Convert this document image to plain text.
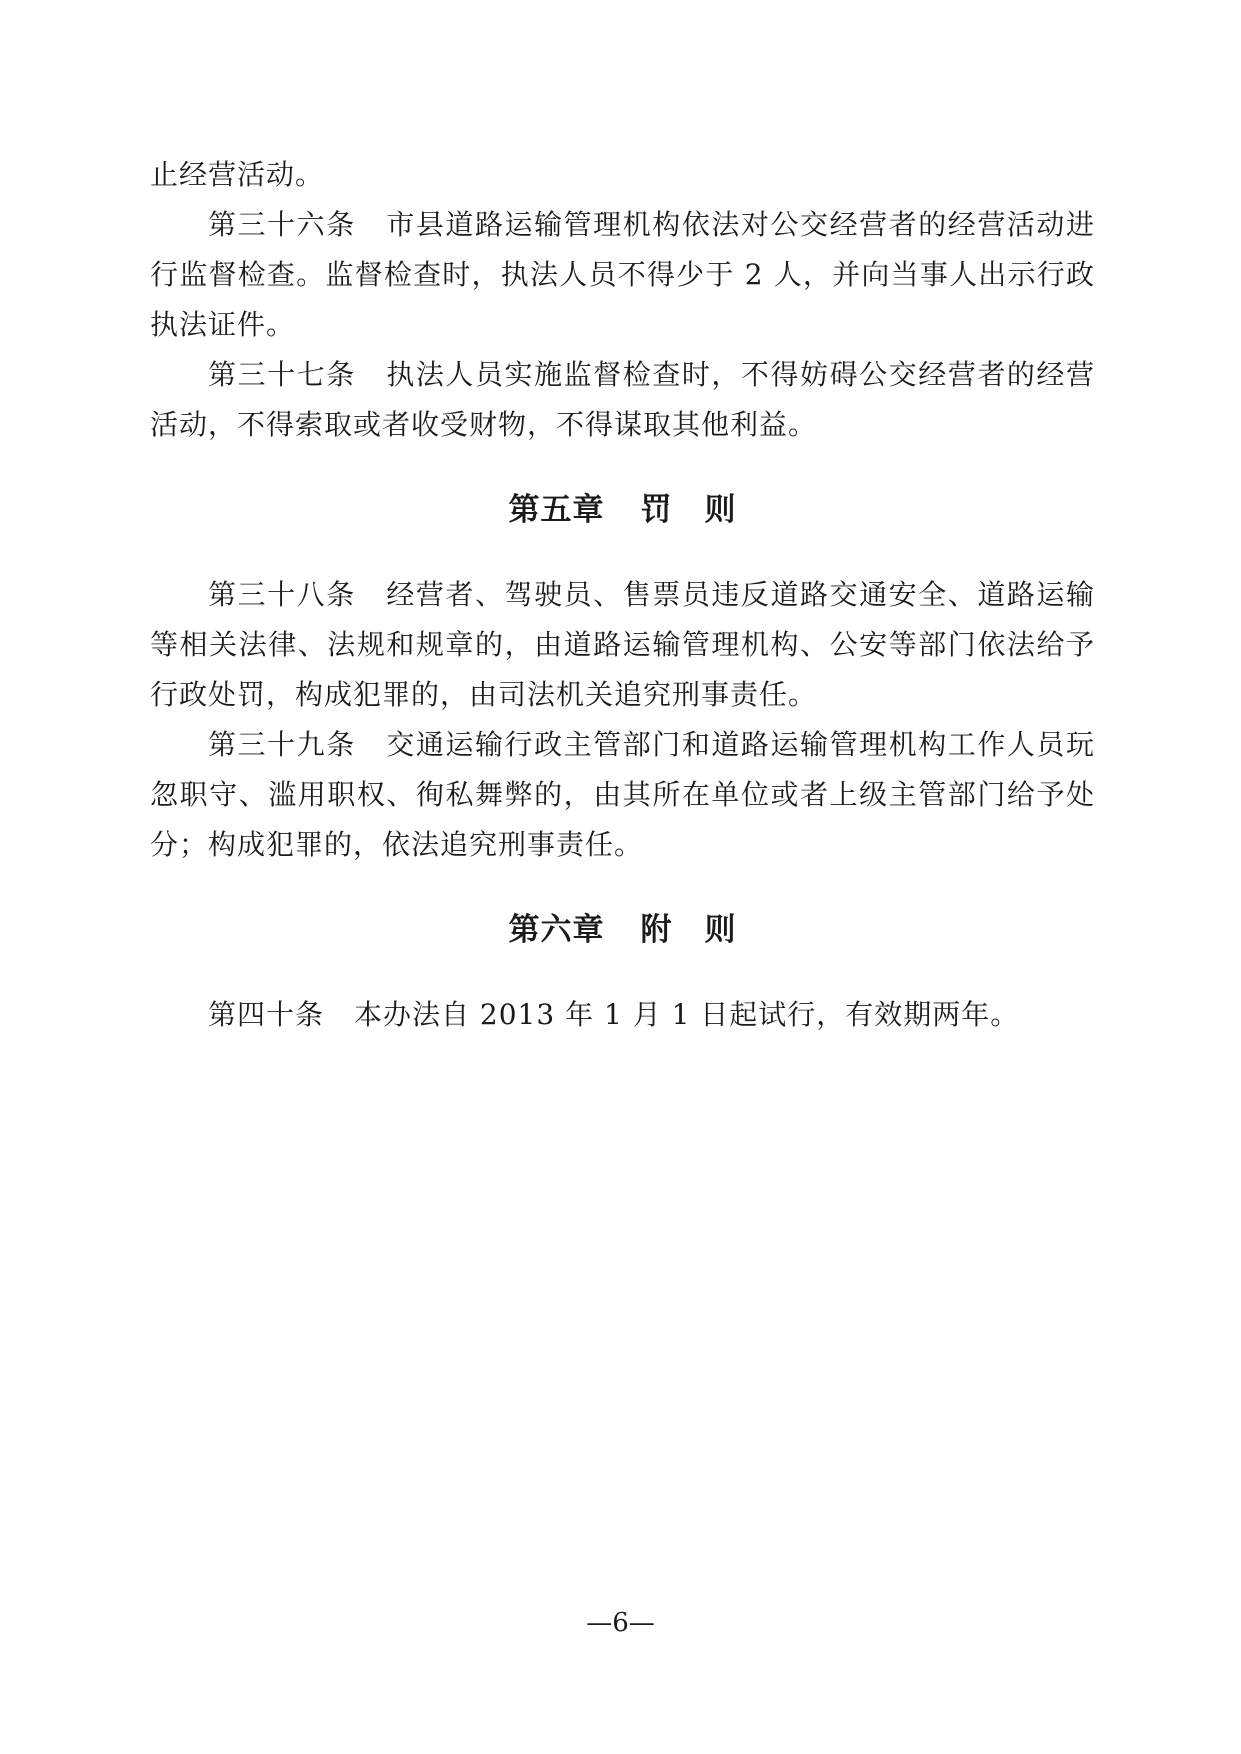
止经营活动。
第三十六条 市县道路运输管理机构依法对公交经营者的经营活动进
行监督检查。监督检查时，执法人员不得少于 2 人，并向当事人出示行政
执法证件。
第三十七条 执法人员实施监督检查时，不得妨碍公交经营者的经营
活动，不得索取或者收受财物，不得谋取其他利益。
第五章 罚　则
第三十八条 经营者、驾驶员、售票员违反道路交通安全、道路运输
等相关法律、法规和规章的，由道路运输管理机构、公安等部门依法给予
行政处罚，构成犯罪的，由司法机关追究刑事责任。
第三十九条 交通运输行政主管部门和道路运输管理机构工作人员玩
忽职守、滥用职权、徇私舞弊的，由其所在单位或者上级主管部门给予处
分；构成犯罪的，依法追究刑事责任。
第六章 附　则
第四十条 本办法自 2013 年 1 月 1 日起试行，有效期两年。
—6—
